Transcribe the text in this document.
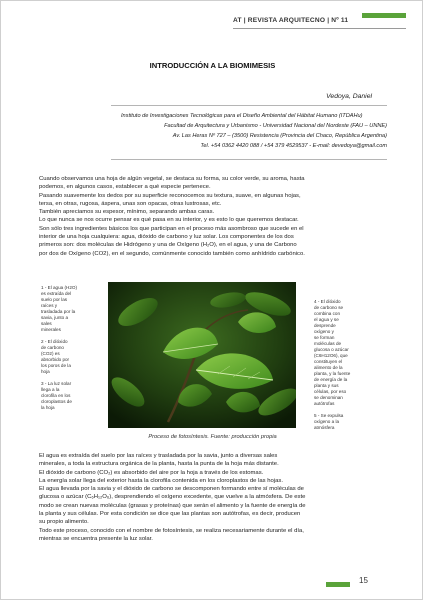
AT | REVISTA ARQUITECNO | Nº 11
INTRODUCCIÓN A LA BIOMIMESIS
Vedoya, Daniel
Instituto de Investigaciones Tecnológicas para el Diseño Ambiental del Hábitat Humano (ITDAHu)
Facultad de Arquitectura y Urbanismo - Universidad Nacional del Nordeste (FAU – UNNE)
Av. Las Heras Nº 727 – (3500) Resistencia (Provincia del Chaco, República Argentina)
Tel. +54 0362 4420 088 / +54 379 4529537 - E-mail: devedoya@gmail.com

Cuando observamos una hoja de algún vegetal, se destaca su forma, su color verde, su aroma, hasta

podemos, en algunos casos, establecer a qué especie pertenece.

Pasando suavemente los dedos por su superficie reconocemos su textura, suave, en algunas hojas,

tersa, en otras, rugosa, áspera, unas son opacas, otras lustrosas, etc.

También apreciamos su espesor, mínimo, separando ambas caras.

Lo que nunca se nos ocurre pensar es qué pasa en su interior, y es esto lo que queremos destacar.

Son sólo tres ingredientes básicos los que participan en el proceso más asombroso que sucede en el

interior de una hoja cualquiera: agua, dióxido de carbono y luz solar. Los componentes de los dos

primeros son: dos moléculas de Hidrógeno y una de Oxígeno (H₂O), en el agua, y una de Carbono

por dos de Oxígeno (CO2), en el segundo, comúnmente conocido también como anhídrido carbónico.

1 - El agua (H2O)
es extraída del
suelo por las
raíces y
trasladada por la
savia, junto a
sales
minerales

2 - El dióxido
de carbono
(CO2) es
absorbido por
los poros de la
hoja

3 - La luz solar
llega a la
clorofila en los
cloroplastos de
la hoja
4 - El dióxido
de carbono se
combina con
el agua y se
desprende
oxígeno y
se forman
moléculas de
glucosa o azúcar
(C6H12O6), que
constituyen el
alimento de la
planta, y la fuente
de energía de la
planta y sus
células, por eso
se denominan
autótrofas

5 - Se expulsa
oxígeno a la
atmósfera
Proceso de fotosíntesis. Fuente: producción propia

El agua es extraída del suelo por las raíces y trasladada por la savia, junto a diversas sales

minerales, a toda la estructura orgánica de la planta, hasta la punta de la hoja más distante.

El dióxido de carbono (CO₂) es absorbido del aire por la hoja a través de los estomas.

La energía solar llega del exterior hasta la clorofila contenida en los cloroplastos de las hojas.

El agua llevada por la savia y el dióxido de carbono se descomponen formando entre sí moléculas de

glucosa o azúcar (C₆H₁₂O₆), desprendiendo el oxígeno excedente, que vuelve a la atmósfera. De este

modo se crean nuevas moléculas (grasas y proteínas) que serán el alimento y la fuente de energía de

la planta y sus células. Por esta condición se dice que las plantas son autótrofas, es decir, producen

su propio alimento.

Todo este proceso, conocido con el nombre de fotosíntesis, se realiza necesariamente durante el día,

mientras se encuentra presente la luz solar.

15
